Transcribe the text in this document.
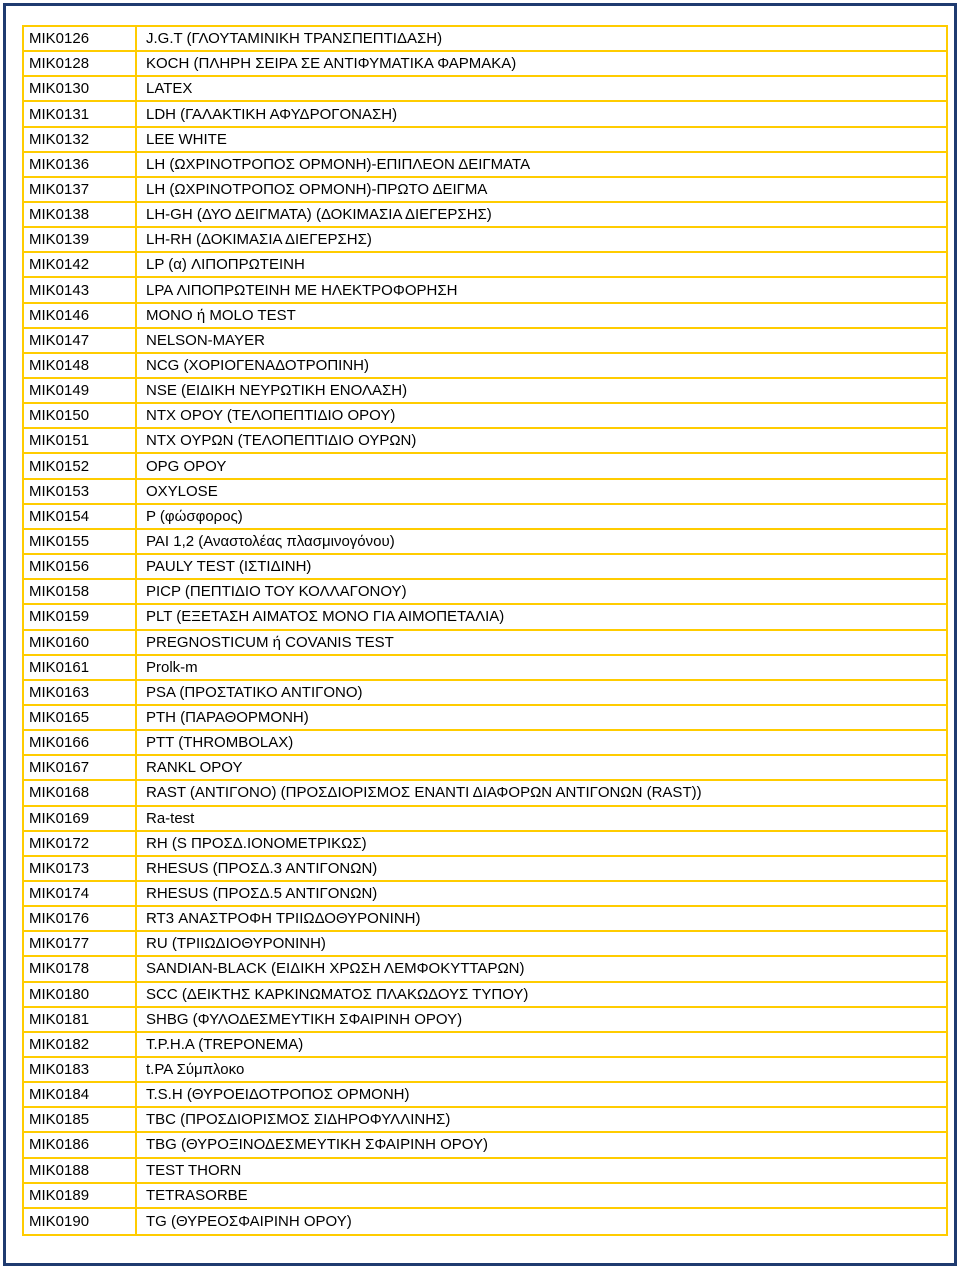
MIK0126	J.G.T (ΓΛΟΥΤΑΜΙΝΙΚΗ ΤΡΑΝΣΠΕΠΤΙΔΑΣΗ)
MIK0128	KOCH (ΠΛΗΡΗ ΣΕΙΡΑ ΣΕ ΑΝΤΙΦΥΜΑΤΙΚΑ ΦΑΡΜΑΚΑ)
MIK0130	LATEX
MIK0131	LDH (ΓΑΛΑΚΤΙΚΗ ΑΦΥΔΡΟΓΟΝΑΣΗ)
MIK0132	LEE WHITE
MIK0136	LH (ΩΧΡΙΝΟΤΡΟΠΟΣ ΟΡΜΟΝΗ)-ΕΠΙΠΛΕΟΝ ΔΕΙΓΜΑΤΑ
MIK0137	LH (ΩΧΡΙΝΟΤΡΟΠΟΣ ΟΡΜΟΝΗ)-ΠΡΩΤΟ ΔΕΙΓΜΑ
MIK0138	LH-GH (ΔΥΟ ΔΕΙΓΜΑΤΑ) (ΔΟΚΙΜΑΣΙΑ ΔΙΕΓΕΡΣΗΣ)
MIK0139	LH-RH (ΔΟΚΙΜΑΣΙΑ ΔΙΕΓΕΡΣΗΣ)
MIK0142	LP (α) ΛΙΠΟΠΡΩΤΕΙΝΗ
MIK0143	LPA ΛΙΠΟΠΡΩΤΕΙΝΗ ΜΕ ΗΛΕΚΤΡΟΦΟΡΗΣΗ
MIK0146	MONO ή MOLO TEST
MIK0147	NELSON-MAYER
MIK0148	NCG (ΧΟΡΙΟΓΕΝΑΔΟΤΡΟΠΙΝΗ)
MIK0149	NSE (ΕΙΔΙΚΗ ΝΕΥΡΩΤΙΚΗ ΕΝΟΛΑΣΗ)
MIK0150	NTX ΟΡΟΥ (ΤΕΛΟΠΕΠΤΙΔΙΟ ΟΡΟΥ)
MIK0151	NTX ΟΥΡΩΝ (ΤΕΛΟΠΕΠΤΙΔΙΟ ΟΥΡΩΝ)
MIK0152	OPG ΟΡΟΥ
MIK0153	OXYLOSE
MIK0154	P (φώσφορος)
MIK0155	PAI 1,2 (Αναστολέας πλασμινογόνου)
MIK0156	PAULY TEST (ΙΣΤΙΔΙΝΗ)
MIK0158	PICP (ΠΕΠΤΙΔΙΟ ΤΟΥ ΚΟΛΛΑΓΟΝΟΥ)
MIK0159	PLT (ΕΞΕΤΑΣΗ ΑΙΜΑΤΟΣ ΜΟΝΟ ΓΙΑ ΑΙΜΟΠΕΤΑΛΙΑ)
MIK0160	PREGNOSTICUM ή COVANIS TEST
MIK0161	Prolk-m
MIK0163	PSA (ΠΡΟΣΤΑΤΙΚΟ ΑΝΤΙΓΟΝΟ)
MIK0165	PTH (ΠΑΡΑΘΟΡΜΟΝΗ)
MIK0166	PTT (THROMBOLAX)
MIK0167	RANKL ΟΡΟΥ
MIK0168	RAST (ΑΝΤΙΓΟΝΟ) (ΠΡΟΣΔΙΟΡΙΣΜΟΣ ΕΝΑΝΤΙ ΔΙΑΦΟΡΩΝ ΑΝΤΙΓΟΝΩΝ (RAST))
MIK0169	Ra-test
MIK0172	RH (S ΠΡΟΣΔ.ΙΟΝΟΜΕΤΡΙΚΩΣ)
MIK0173	RHESUS (ΠΡΟΣΔ.3 ΑΝΤΙΓΟΝΩΝ)
MIK0174	RHESUS (ΠΡΟΣΔ.5 ΑΝΤΙΓΟΝΩΝ)
MIK0176	RT3 ΑΝΑΣΤΡΟΦΗ ΤΡΙΙΩΔΟΘΥΡΟΝΙΝΗ)
MIK0177	RU (ΤΡΙΙΩΔΙΟΘΥΡΟΝΙΝΗ)
MIK0178	SANDIAN-BLACK (ΕΙΔΙΚΗ ΧΡΩΣΗ ΛΕΜΦΟΚΥΤΤΑΡΩΝ)
MIK0180	SCC (ΔΕΙΚΤΗΣ ΚΑΡΚΙΝΩΜΑΤΟΣ ΠΛΑΚΩΔΟΥΣ ΤΥΠΟΥ)
MIK0181	SHBG (ΦΥΛΟΔΕΣΜΕΥΤΙΚΗ ΣΦΑΙΡΙΝΗ ΟΡΟΥ)
MIK0182	T.P.H.A (TREPONEMA)
MIK0183	t.PA Σύμπλοκο
MIK0184	T.S.H (ΘΥΡΟΕΙΔΟΤΡΟΠΟΣ ΟΡΜΟΝΗ)
MIK0185	TBC (ΠΡΟΣΔΙΟΡΙΣΜΟΣ ΣΙΔΗΡΟΦΥΛΛΙΝΗΣ)
MIK0186	TBG (ΘΥΡΟΞΙΝΟΔΕΣΜΕΥΤΙΚΗ ΣΦΑΙΡΙΝΗ ΟΡΟΥ)
MIK0188	TEST THORN
MIK0189	TETRASORBE
MIK0190	TG (ΘΥΡΕΟΣΦΑΙΡΙΝΗ ΟΡΟΥ)
